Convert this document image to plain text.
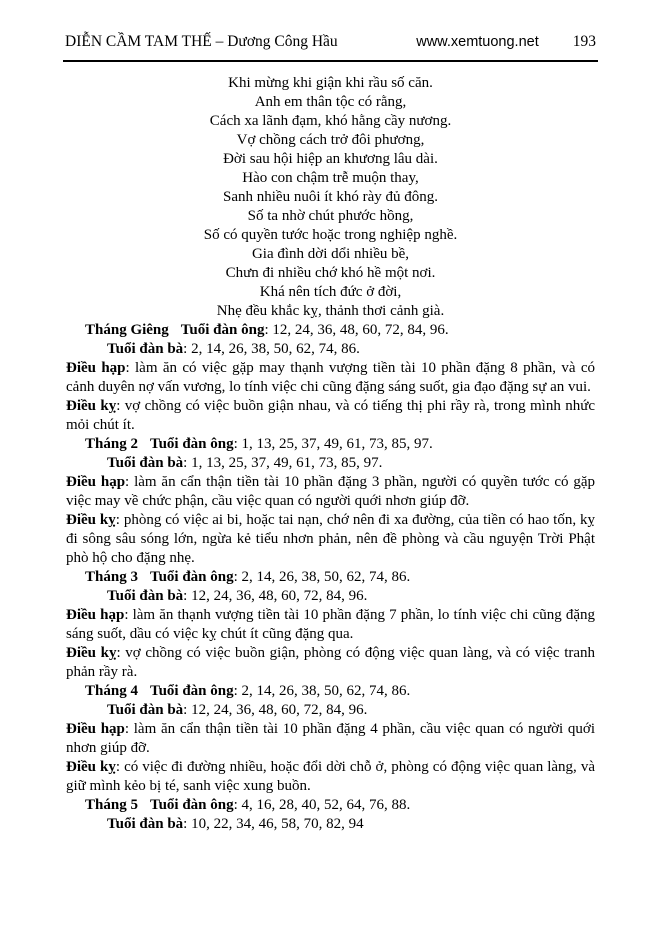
DIỄN CẦM TAM THẾ – Dương Công Hầu	www.xemtuong.net 193
Khi mừng khi giận khi rầu số căn.
Anh em thân tộc có rằng,
Cách xa lãnh đạm, khó hằng cầy nương.
Vợ chồng cách trở đôi phương,
Đời sau hội hiệp an khương lâu dài.
Hào con chậm trễ muộn thay,
Sanh nhiều nuôi ít khó rày đủ đông.
Số ta nhờ chút phước hồng,
Số có quyền tước hoặc trong nghiệp nghề.
Gia đình dời dổi nhiều bề,
Chưn đi nhiều chớ khó hề một nơi.
Khá nên tích đức ở đời,
Nhẹ đều khắc kỵ, thảnh thơi cảnh già.

Tháng Giêng Tuổi đàn ông: 12, 24, 36, 48, 60, 72, 84, 96.

Tuổi đàn bà: 2, 14, 26, 38, 50, 62, 74, 86.

Điều hạp: làm ăn có việc gặp may thạnh vượng tiền tài 10 phần đặng 8 phần, và có cảnh duyên nợ vấn vương, lo tính việc chi cũng đặng sáng suốt, gia đạo đặng sự an vui.

Điều kỵ: vợ chồng có việc buồn giận nhau, và có tiếng thị phi rầy rà, trong mình nhức mỏi chút ít.

Tháng 2 Tuổi đàn ông: 1, 13, 25, 37, 49, 61, 73, 85, 97.

Tuổi đàn bà: 1, 13, 25, 37, 49, 61, 73, 85, 97.

Điều hạp: làm ăn cẩn thận tiền tài 10 phần đặng 3 phần, người có quyền tước có gặp việc may về chức phận, cầu việc quan có người quới nhơn giúp đỡ.

Điều kỵ: phòng có việc ai bi, hoặc tai nạn, chớ nên đi xa đường, của tiền có hao tốn, kỵ đi sông sâu sóng lớn, ngừa kẻ tiểu nhơn phản, nên đề phòng và cầu nguyện Trời Phật phò hộ cho đặng nhẹ.

Tháng 3 Tuổi đàn ông: 2, 14, 26, 38, 50, 62, 74, 86.

Tuổi đàn bà: 12, 24, 36, 48, 60, 72, 84, 96.

Điều hạp: làm ăn thạnh vượng tiền tài 10 phần đặng 7 phần, lo tính việc chi cũng đặng sáng suốt, dầu có việc kỵ chút ít cũng đặng qua.

Điều kỵ: vợ chồng có việc buồn giận, phòng có động việc quan làng, và có việc tranh phản rầy rà.

Tháng 4 Tuổi đàn ông: 2, 14, 26, 38, 50, 62, 74, 86.

Tuổi đàn bà: 12, 24, 36, 48, 60, 72, 84, 96.

Điều hạp: làm ăn cẩn thận tiền tài 10 phần đặng 4 phần, cầu việc quan có người quới nhơn giúp đỡ.

Điều kỵ: có việc đi đường nhiều, hoặc đổi dời chỗ ở, phòng có động việc quan làng, và giữ mình kẻo bị té, sanh việc xung buồn.

Tháng 5 Tuổi đàn ông: 4, 16, 28, 40, 52, 64, 76, 88.

Tuổi đàn bà: 10, 22, 34, 46, 58, 70, 82, 94
